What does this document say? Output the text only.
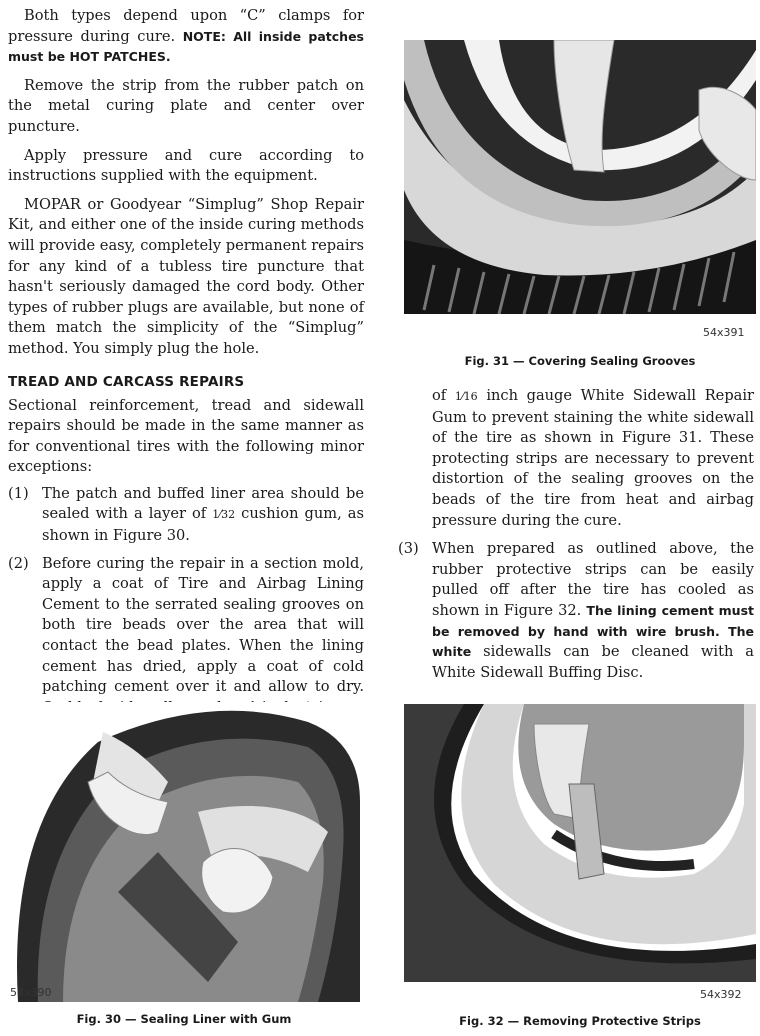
Both types depend upon “C” clamps for pressure during cure. NOTE: All inside patches must be HOT PATCHES.

Remove the strip from the rubber patch on the metal curing plate and center over puncture.

Apply pressure and cure according to instructions supplied with the equipment.

MOPAR or Goodyear “Simplug” Shop Repair Kit, and either one of the inside curing methods will provide easy, completely permanent repairs for any kind of a tubless tire puncture that hasn't seriously damaged the cord body. Other types of rubber plugs are available, but none of them match the simplicity of the “Simplug” method. You simply plug the hole.

TREAD AND CARCASS REPAIRS

Sectional reinforcement, tread and sidewall repairs should be made in the same manner as for conventional tires with the following minor exceptions:

(1) The patch and buffed liner area should be sealed with a layer of 1⁄32 cushion gum, as shown in Figure 30.
(2) Before curing the repair in a section mold, apply a coat of Tire and Airbag Lining Cement to the serrated sealing grooves on both tire beads over the area that will contact the bead plates. When the lining cement has dried, apply a coat of cold patching cement over it and allow to dry.
54x391
Fig. 31 — Covering Sealing Grooves

of 1⁄16 inch gauge White Sidewall Repair Gum to prevent staining the white sidewall of the tire as shown in Figure 31. These protecting strips are necessary to prevent distortion of the sealing grooves on the beads of the tire from heat and airbag pressure during the cure.

(3) When prepared as outlined above, the rubber protective strips can be easily pulled off after the tire has cooled as shown in Figure 32. The lining cement must be removed by hand with wire brush. The white sidewalls can be cleaned with a White Sidewall Buffing Disc.
54x390
Fig. 30 — Sealing Liner with Gum
54x392
Fig. 32 — Removing Protective Strips
